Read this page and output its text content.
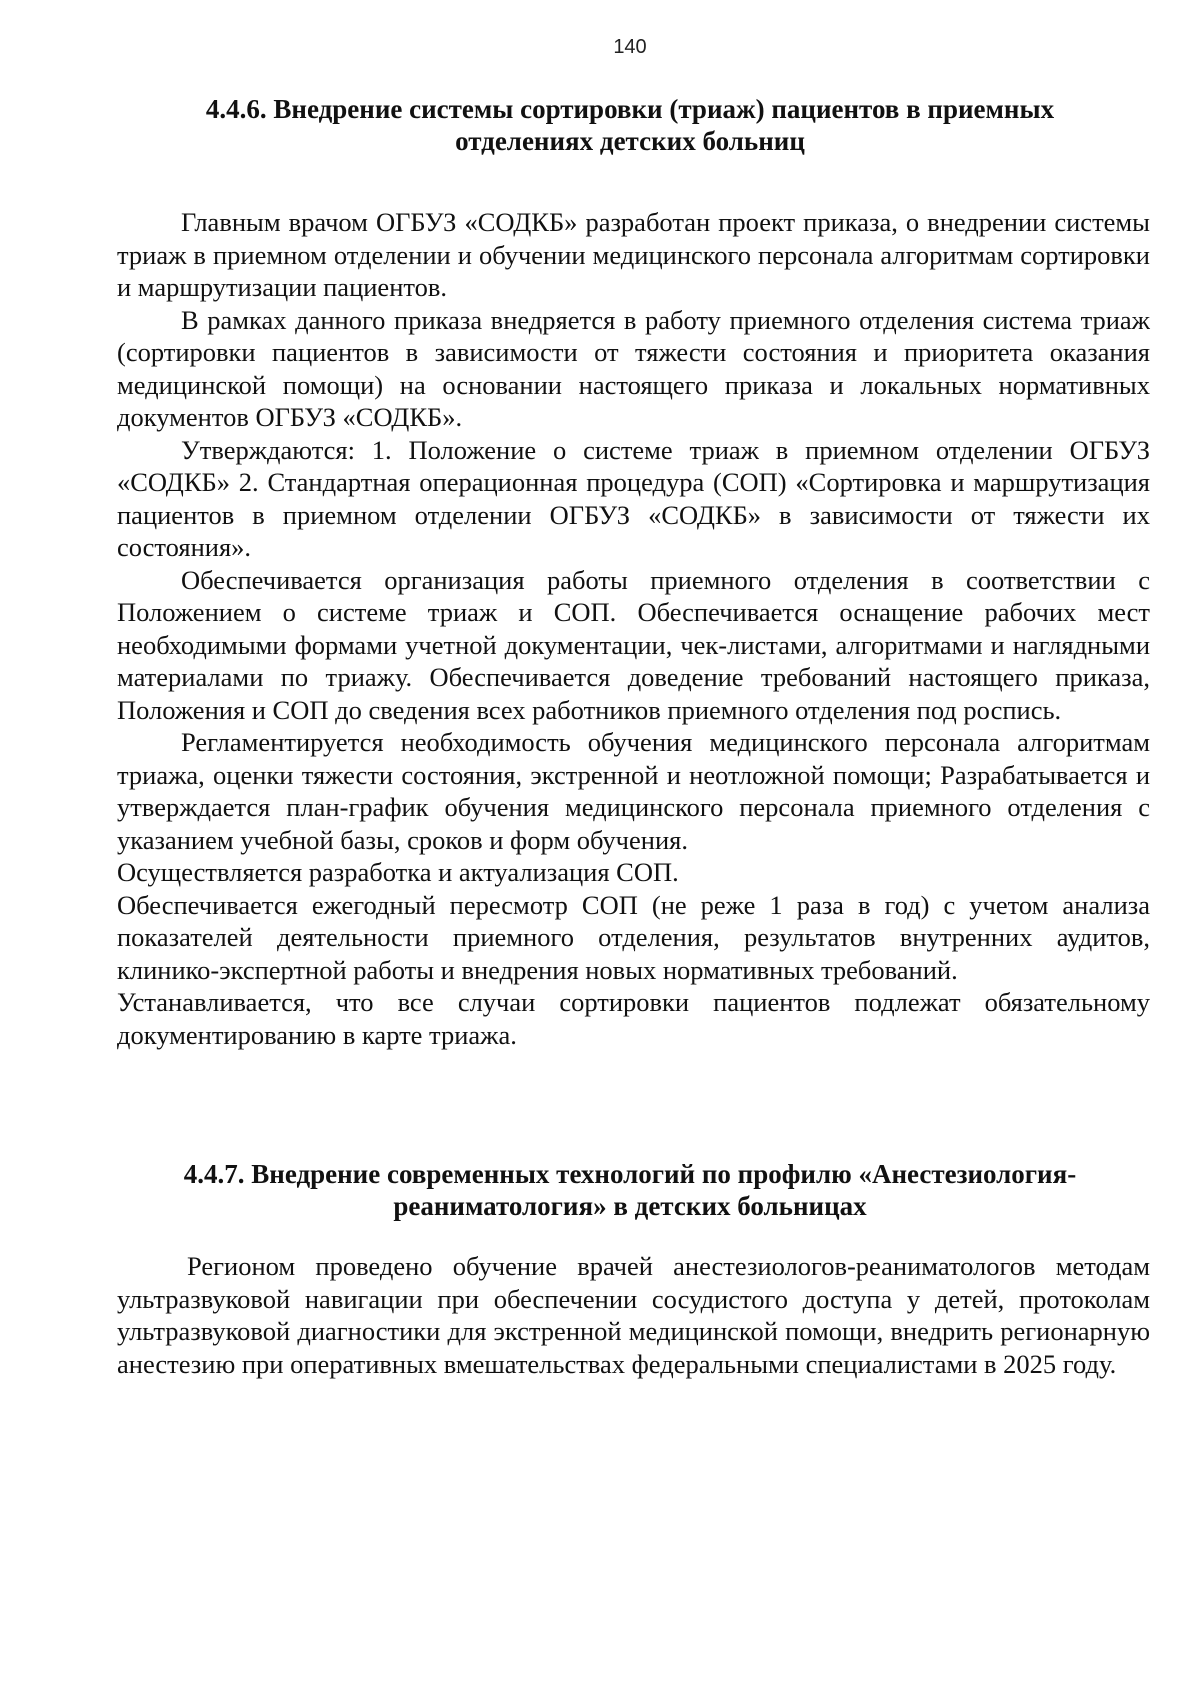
140
4.4.6. Внедрение системы сортировки (триаж) пациентов в приемных
отделениях детских больниц

Главным врачом ОГБУЗ «СОДКБ» разработан проект приказа, о внедрении системы триаж в приемном отделении и обучении медицинского персонала алгоритмам сортировки и маршрутизации пациентов.

В рамках данного приказа внедряется в работу приемного отделения система триаж (сортировки пациентов в зависимости от тяжести состояния и приоритета оказания медицинской помощи) на основании настоящего приказа и локальных нормативных документов ОГБУЗ «СОДКБ».

Утверждаются: 1. Положение о системе триаж в приемном отделении ОГБУЗ «СОДКБ» 2. Стандартная операционная процедура (СОП) «Сортировка и маршрутизация пациентов в приемном отделении ОГБУЗ «СОДКБ» в зависимости от тяжести их состояния».

Обеспечивается организация работы приемного отделения в соответствии с Положением о системе триаж и СОП. Обеспечивается оснащение рабочих мест необходимыми формами учетной документации, чек-листами, алгоритмами и наглядными материалами по триажу. Обеспечивается доведение требований настоящего приказа, Положения и СОП до сведения всех работников приемного отделения под роспись.

Регламентируется необходимость обучения медицинского персонала алгоритмам триажа, оценки тяжести состояния, экстренной и неотложной помощи; Разрабатывается и утверждается план-график обучения медицинского персонала приемного отделения с указанием учебной базы, сроков и форм обучения.

Осуществляется разработка и актуализация СОП.

Обеспечивается ежегодный пересмотр СОП (не реже 1 раза в год) с учетом анализа показателей деятельности приемного отделения, результатов внутренних аудитов, клинико-экспертной работы и внедрения новых нормативных требований.

Устанавливается, что все случаи сортировки пациентов подлежат обязательному документированию в карте триажа.

4.4.7. Внедрение современных технологий по профилю «Анестезиология-
реаниматология» в детских больницах

Регионом проведено обучение врачей анестезиологов-реаниматологов методам ультразвуковой навигации при обеспечении сосудистого доступа у детей, протоколам ультразвуковой диагностики для экстренной медицинской помощи, внедрить регионарную анестезию при оперативных вмешательствах федеральными специалистами в 2025 году.
